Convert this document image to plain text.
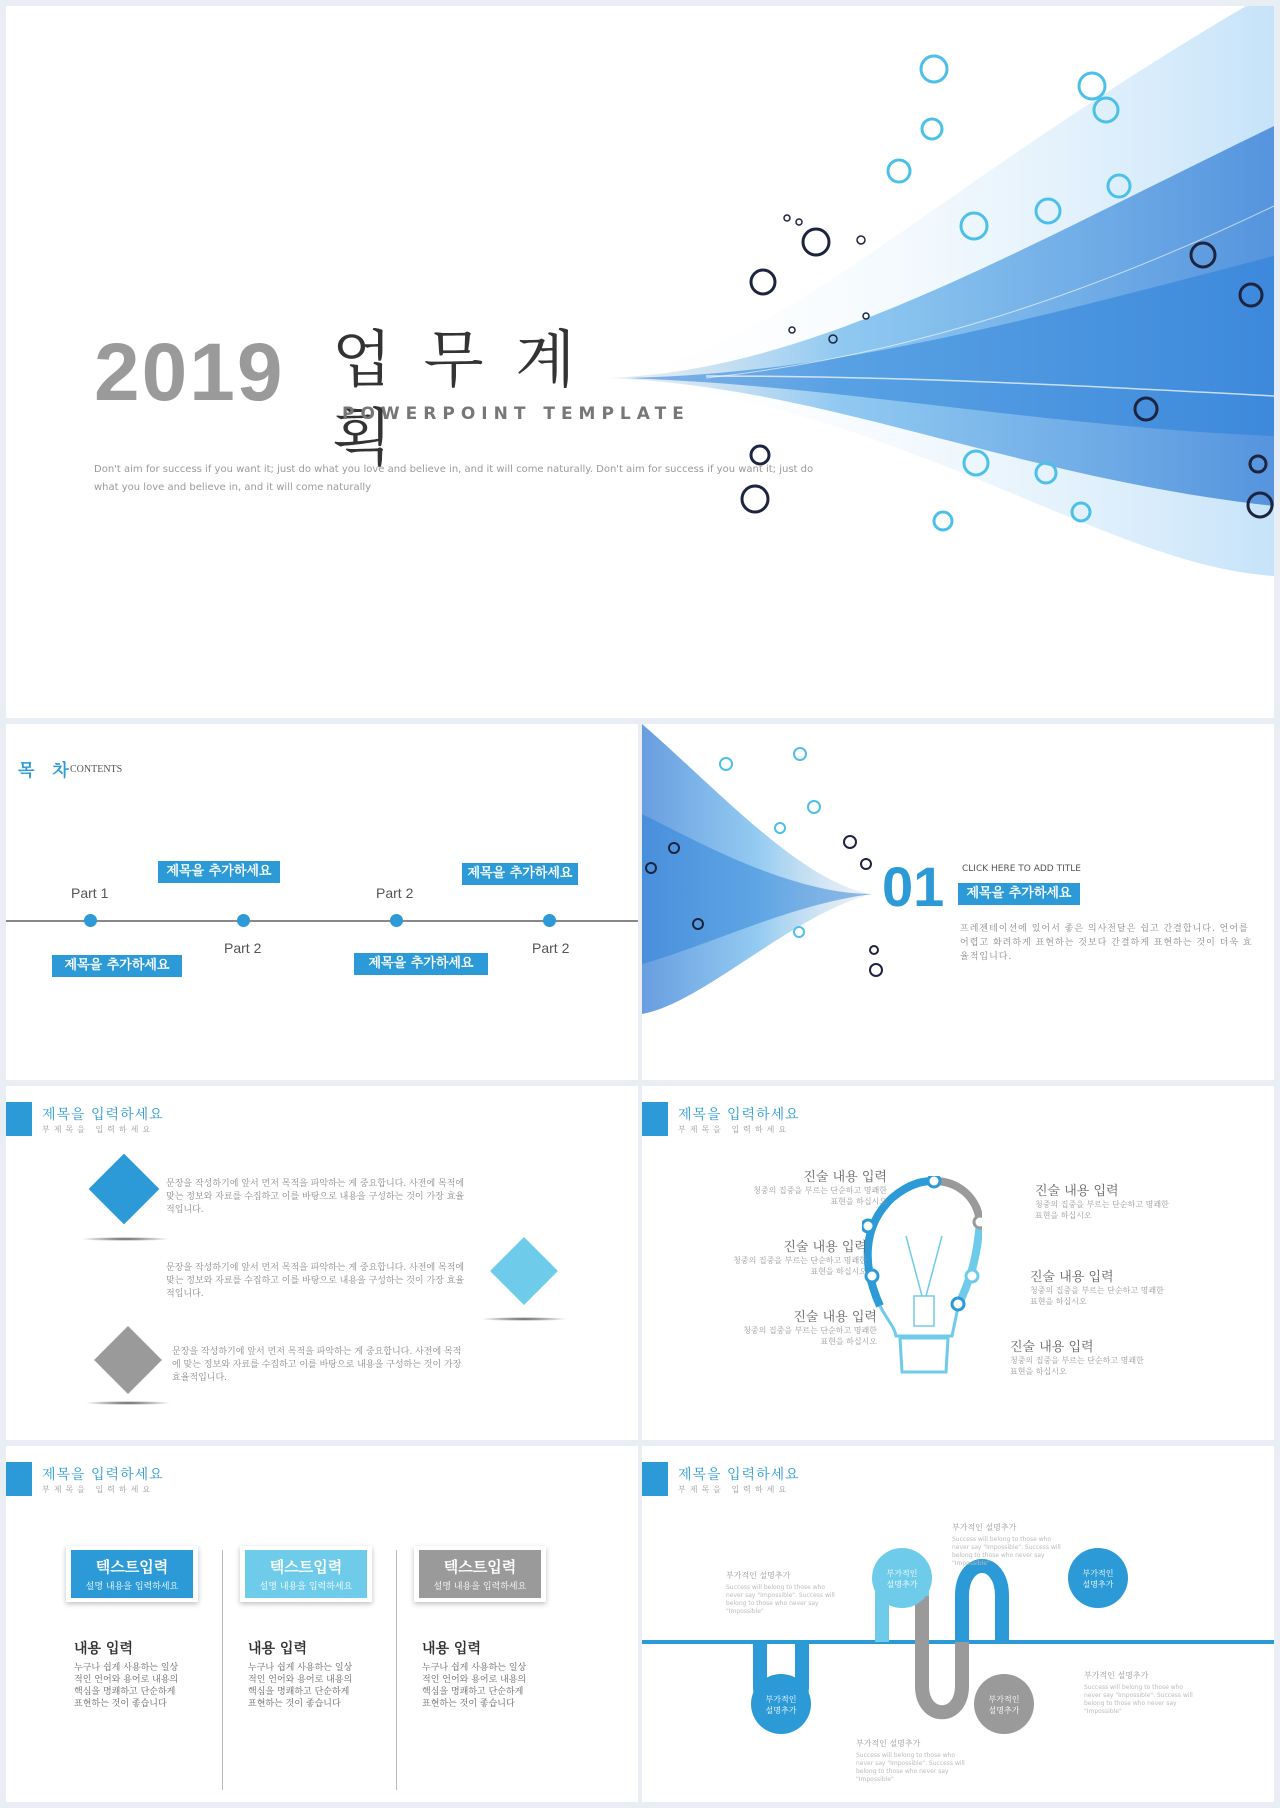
2019 업 무 계 획
POWERPOINT TEMPLATE
Don't aim for success if you want it; just do what you love and believe in, and it will come naturally. Don't aim for success if you want it; just do what you love and believe in, and it will come naturally
목 차
CONTENTS
Part 1
Part 2
Part 2
Part 2
제목을 추가하세요	제목을 추가하세요
제목을 추가하세요	제목을 추가하세요
01 CLICK HERE TO ADD TITLE
제목을 추가하세요
프레젠테이션에 있어서 좋은 의사전달은 쉽고 간결합니다. 언어를 어렵고 화려하게 표현하는 것보다 간결하게 표현하는 것이 더욱 효율적입니다.
제목을 입력하세요
부제목을 입력하세요
문장을 작성하기에 앞서 먼저 목적을 파악하는 게 중요합니다. 사전에 목적에 맞는 정보와 자료를 수집하고 이를 바탕으로 내용을 구성하는 것이 가장 효율적입니다.
문장을 작성하기에 앞서 먼저 목적을 파악하는 게 중요합니다. 사전에 목적에 맞는 정보와 자료를 수집하고 이를 바탕으로 내용을 구성하는 것이 가장 효율적입니다.
문장을 작성하기에 앞서 먼저 목적을 파악하는 게 중요합니다. 사전에 목적에 맞는 정보와 자료를 수집하고 이를 바탕으로 내용을 구성하는 것이 가장 효율적입니다.
제목을 입력하세요
부제목을 입력하세요
진술 내용 입력
청중의 집중을 부르는 단순하고 명쾌한 표현을 하십시오
진술 내용 입력
청중의 집중을 부르는 단순하고 명쾌한 표현을 하십시오
진술 내용 입력
청중의 집중을 부르는 단순하고 명쾌한 표현을 하십시오
진술 내용 입력
청중의 집중을 부르는 단순하고 명쾌한 표현을 하십시오
진술 내용 입력
청중의 집중을 부르는 단순하고 명쾌한 표현을 하십시오
진술 내용 입력
청중의 집중을 부르는 단순하고 명쾌한 표현을 하십시오
제목을 입력하세요
부제목을 입력하세요
텍스트입력
설명 내용을 입력하세요
텍스트입력
설명 내용을 입력하세요
텍스트입력
설명 내용을 입력하세요
내용 입력	내용 입력	내용 입력
누구나 쉽게 사용하는 일상적인 언어와 용어로 내용의 핵심을 명쾌하고 단순하게 표현하는 것이 좋습니다
누구나 쉽게 사용하는 일상적인 언어와 용어로 내용의 핵심을 명쾌하고 단순하게 표현하는 것이 좋습니다
누구나 쉽게 사용하는 일상적인 언어와 용어로 내용의 핵심을 명쾌하고 단순하게 표현하는 것이 좋습니다
제목을 입력하세요
부제목을 입력하세요
부가적인 설명추가
부가적인 설명추가
부가적인 설명추가
부가적인 설명추가
부가적인 설명추가
Success will belong to those who never say "Impossible". Success will belong to those who never say "Impossible"
부가적인 설명추가
Success will belong to those who never say "Impossible". Success will belong to those who never say "Impossible"
부가적인 설명추가
Success will belong to those who never say "Impossible". Success will belong to those who never say "Impossible"
부가적인 설명추가
Success will belong to those who never say "Impossible". Success will belong to those who never say "Impossible"
